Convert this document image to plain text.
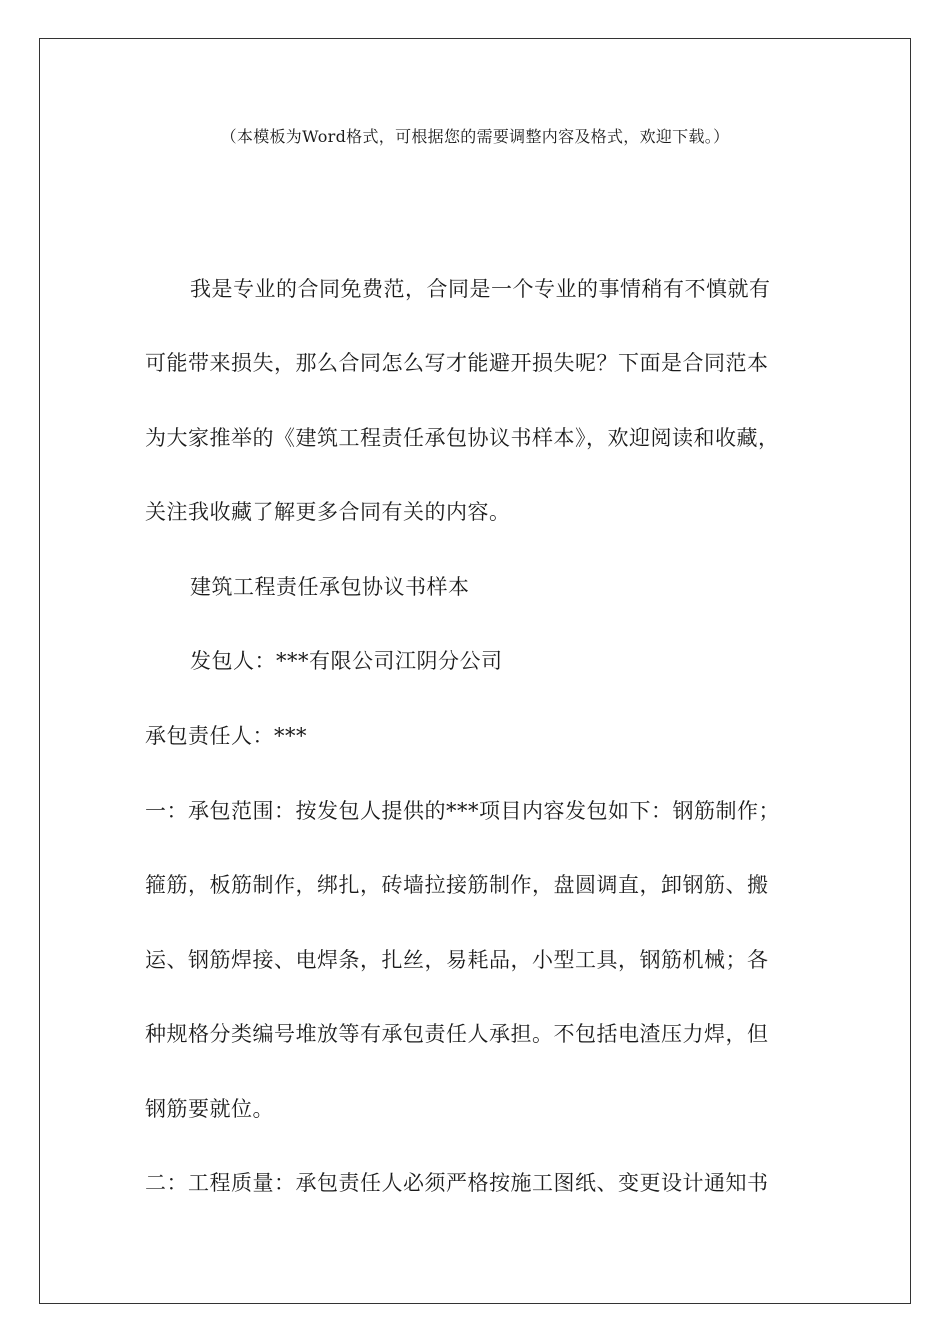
（本模板为Word格式，可根据您的需要调整内容及格式，欢迎下载。）
我是专业的合同免费范，合同是一个专业的事情稍有不慎就有
可能带来损失，那么合同怎么写才能避开损失呢？下面是合同范本
为大家推举的《建筑工程责任承包协议书样本》，欢迎阅读和收藏，
关注我收藏了解更多合同有关的内容。
建筑工程责任承包协议书样本
发包人：***有限公司江阴分公司
承包责任人：***
一：承包范围：按发包人提供的***项目内容发包如下：钢筋制作；
箍筋，板筋制作，绑扎，砖墙拉接筋制作，盘圆调直，卸钢筋、搬
运、钢筋焊接、电焊条，扎丝，易耗品，小型工具，钢筋机械；各
种规格分类编号堆放等有承包责任人承担。不包括电渣压力焊，但
钢筋要就位。
二：工程质量：承包责任人必须严格按施工图纸、变更设计通知书
